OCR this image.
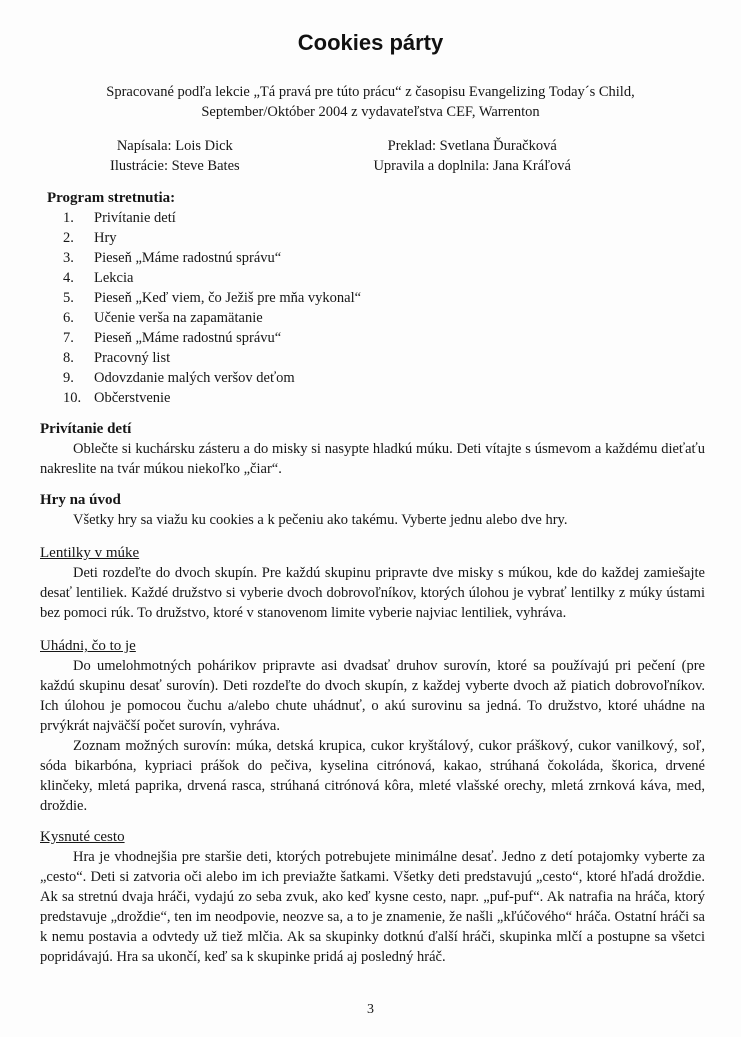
Cookies párty
Spracované podľa lekcie „Tá pravá pre túto prácu“ z časopisu Evangelizing Today´s Child,
September/Október 2004 z vydavateľstva CEF, Warrenton
Napísala: Lois Dick
Ilustrácie: Steve Bates
Preklad: Svetlana Ďuračková
Upravila a doplnila: Jana Kráľová
Program stretnutia:
1.	Privítanie detí
2.	Hry
3.	Pieseň „Máme radostnú správu“
4.	Lekcia
5.	Pieseň „Keď viem, čo Ježiš pre mňa vykonal“
6.	Učenie verša na zapamätanie
7.	Pieseň „Máme radostnú správu“
8.	Pracovný list
9.	Odovzdanie malých veršov deťom
10. Občerstvenie
Privítanie detí
Oblečte si kuchársku zásteru a do misky si nasypte hladkú múku. Deti vítajte s úsmevom a každému dieťaťu nakreslite na tvár múkou niekoľko „čiar“.
Hry na úvod
Všetky hry sa viažu ku cookies a k pečeniu ako takému. Vyberte jednu alebo dve hry.
Lentilky v múke
Deti rozdeľte do dvoch skupín. Pre každú skupinu pripravte dve misky s múkou, kde do každej zamiešajte desať lentiliek. Každé družstvo si vyberie dvoch dobrovoľníkov, ktorých úlohou je vybrať lentilky z múky ústami bez pomoci rúk. To družstvo, ktoré v stanovenom limite vyberie najviac lentiliek, vyhráva.
Uhádni, čo to je
Do umelohmotných pohárikov pripravte asi dvadsať druhov surovín, ktoré sa používajú pri pečení (pre každú skupinu desať surovín). Deti rozdeľte do dvoch skupín, z každej vyberte dvoch až piatich dobrovoľníkov. Ich úlohou je pomocou čuchu a/alebo chute uhádnuť, o akú surovinu sa jedná. To družstvo, ktoré uhádne na prvýkrát najväčší počet surovín, vyhráva.
Zoznam možných surovín: múka, detská krupica, cukor kryštálový, cukor práškový, cukor vanilkový, soľ, sóda bikarbóna, kypriaci prášok do pečiva, kyselina citrónová, kakao, strúhaná čokoláda, škorica, drvené klinčeky, mletá paprika, drvená rasca, strúhaná citrónová kôra, mleté vlašské orechy, mletá zrnková káva, med, droždie.
Kysnuté cesto
Hra je vhodnejšia pre staršie deti, ktorých potrebujete minimálne desať. Jedno z detí potajomky vyberte za „cesto“. Deti si zatvoria oči alebo im ich previažte šatkami. Všetky deti predstavujú „cesto“, ktoré hľadá droždie. Ak sa stretnú dvaja hráči, vydajú zo seba zvuk, ako keď kysne cesto, napr. „puf-puf“. Ak natrafia na hráča, ktorý predstavuje „droždie“, ten im neodpovie, neozve sa, a to je znamenie, že našli „kľúčového“ hráča. Ostatní hráči sa k nemu postavia a odvtedy už tiež mlčia. Ak sa skupinky dotknú ďalší hráči, skupinka mlčí a postupne sa všetci popridávajú. Hra sa ukončí, keď sa k skupinke pridá aj posledný hráč.
3
